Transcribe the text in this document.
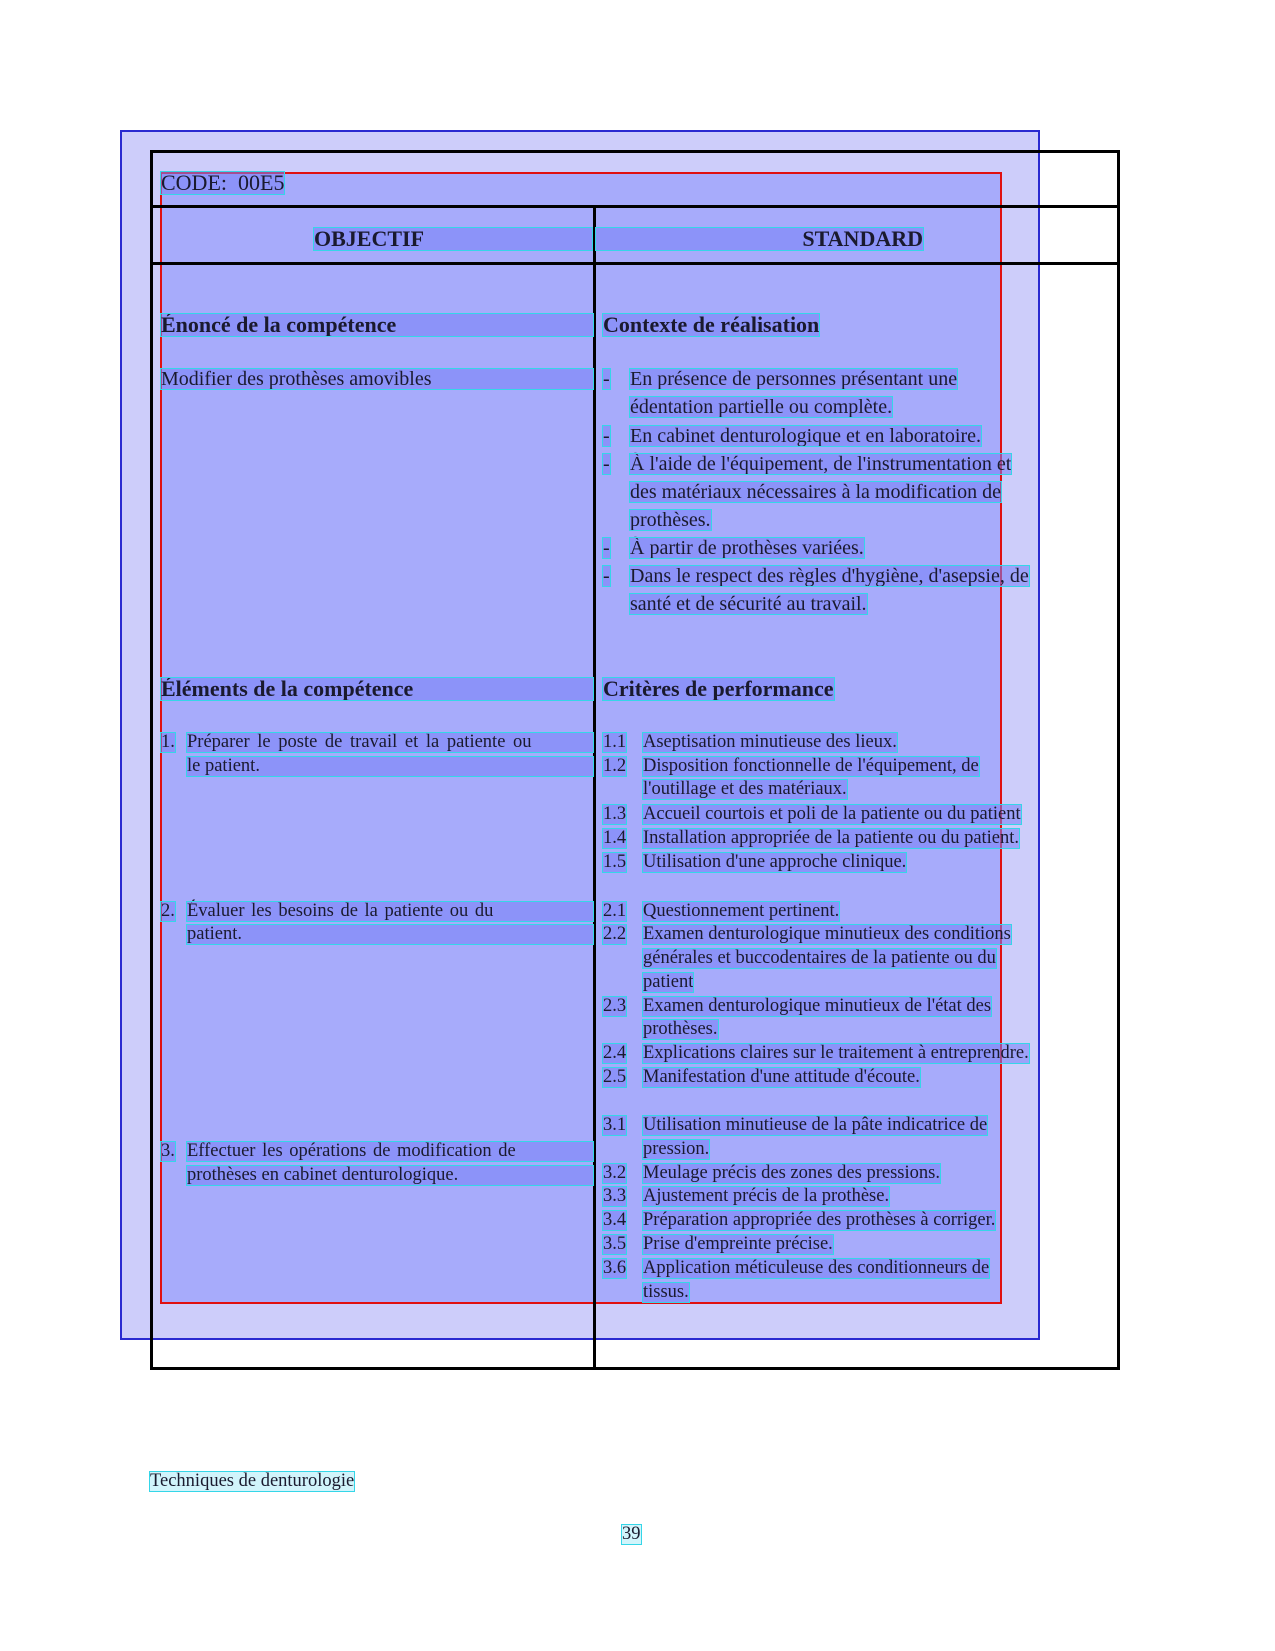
CODE: 00E5
OBJECTIF	STANDARD
Énoncé de la compétence
Modifier des prothèses amovibles
Éléments de la compétence
1. Préparer le poste de travail et la patiente ou
le patient.
2. Évaluer les besoins de la patiente ou du
patient.
3. Effectuer les opérations de modification de
prothèses en cabinet denturologique.
Contexte de réalisation
- En présence de personnes présentant une
édentation partielle ou complète.
- En cabinet denturologique et en laboratoire.
- À l'aide de l'équipement, de l'instrumentation et
des matériaux nécessaires à la modification de
prothèses.
- À partir de prothèses variées.
- Dans le respect des règles d'hygiène, d'asepsie, de
santé et de sécurité au travail.
Critères de performance
1.1 Aseptisation minutieuse des lieux.
1.2 Disposition fonctionnelle de l'équipement, de
l'outillage et des matériaux.
1.3 Accueil courtois et poli de la patiente ou du patient
1.4 Installation appropriée de la patiente ou du patient.
1.5 Utilisation d'une approche clinique.
2.1 Questionnement pertinent.
2.2 Examen denturologique minutieux des conditions
générales et buccodentaires de la patiente ou du
patient
2.3 Examen denturologique minutieux de l'état des
prothèses.
2.4 Explications claires sur le traitement à entreprendre.
2.5 Manifestation d'une attitude d'écoute.
3.1 Utilisation minutieuse de la pâte indicatrice de
pression.
3.2 Meulage précis des zones des pressions.
3.3 Ajustement précis de la prothèse.
3.4 Préparation appropriée des prothèses à corriger.
3.5 Prise d'empreinte précise.
3.6 Application méticuleuse des conditionneurs de
tissus.
Techniques de denturologie
39
